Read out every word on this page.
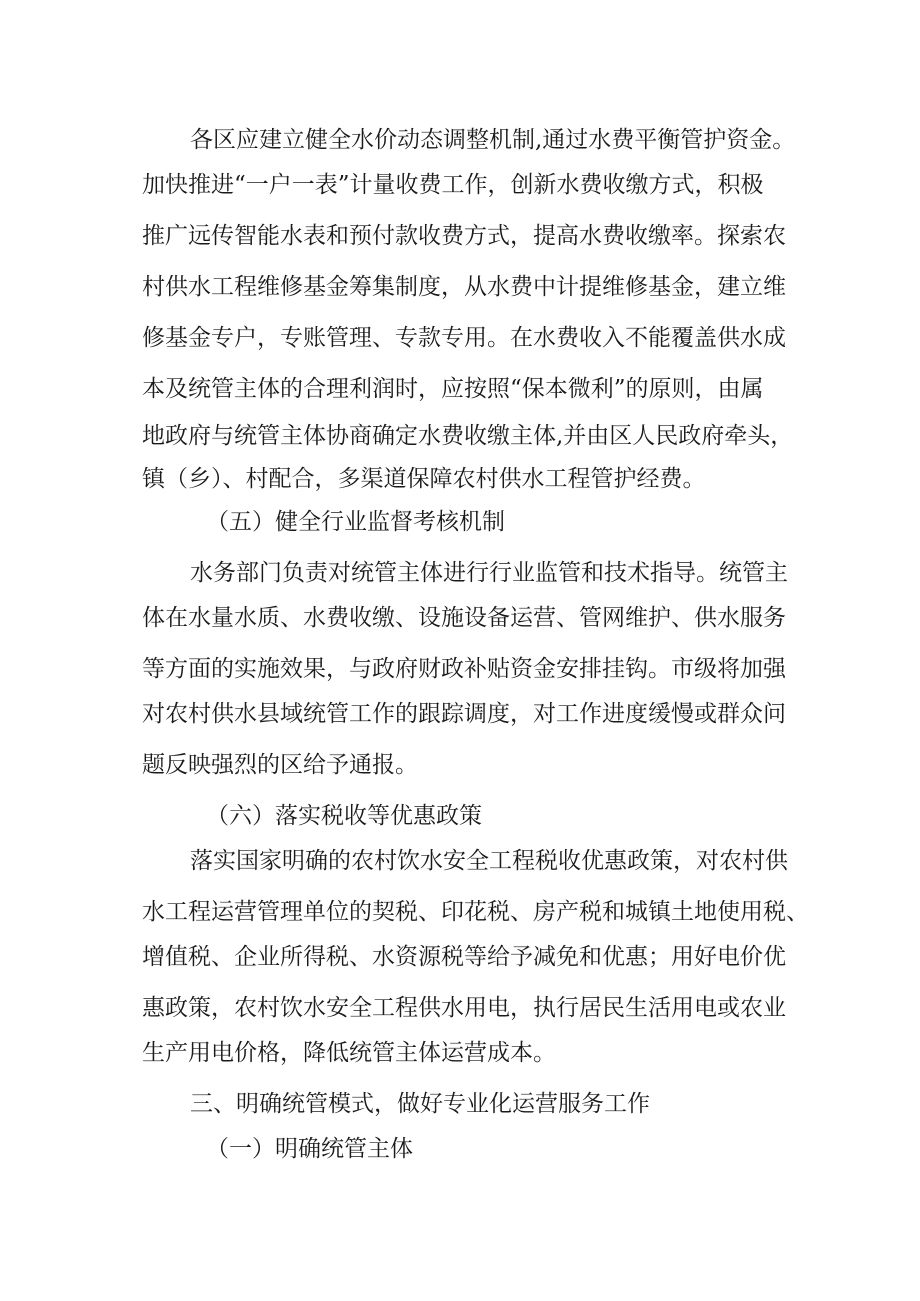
各区应建立健全水价动态调整机制,通过水费平衡管护资金。
加快推进“一户一表”计量收费工作，创新水费收缴方式，积极
推广远传智能水表和预付款收费方式，提高水费收缴率。探索农
村供水工程维修基金筹集制度，从水费中计提维修基金，建立维
修基金专户，专账管理、专款专用。在水费收入不能覆盖供水成
本及统管主体的合理利润时，应按照“保本微利”的原则，由属
地政府与统管主体协商确定水费收缴主体,并由区人民政府牵头，
镇（乡）、村配合，多渠道保障农村供水工程管护经费。
（五）健全行业监督考核机制
水务部门负责对统管主体进行行业监管和技术指导。统管主
体在水量水质、水费收缴、设施设备运营、管网维护、供水服务
等方面的实施效果，与政府财政补贴资金安排挂钩。市级将加强
对农村供水县域统管工作的跟踪调度，对工作进度缓慢或群众问
题反映强烈的区给予通报。
（六）落实税收等优惠政策
落实国家明确的农村饮水安全工程税收优惠政策，对农村供
水工程运营管理单位的契税、印花税、房产税和城镇土地使用税、
增值税、企业所得税、水资源税等给予减免和优惠；用好电价优
惠政策，农村饮水安全工程供水用电，执行居民生活用电或农业
生产用电价格，降低统管主体运营成本。
三、明确统管模式，做好专业化运营服务工作
（一）明确统管主体
